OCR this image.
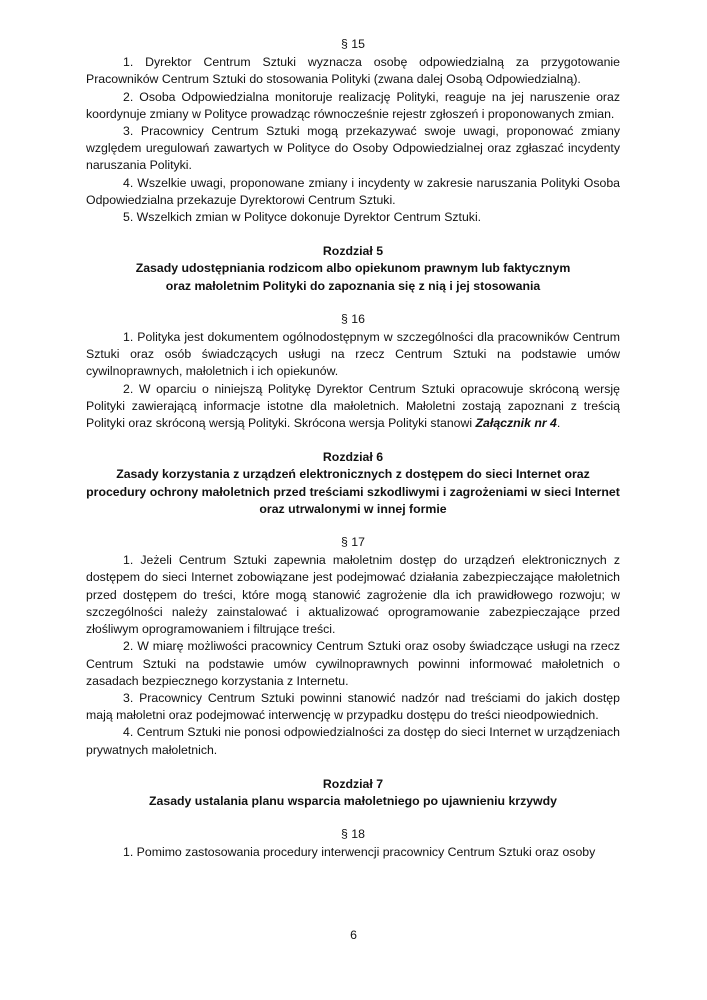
§ 15

1. Dyrektor Centrum Sztuki wyznacza osobę odpowiedzialną za przygotowanie Pracowników Centrum Sztuki do stosowania Polityki (zwana dalej Osobą Odpowiedzialną).

2. Osoba Odpowiedzialna monitoruje realizację Polityki, reaguje na jej naruszenie oraz koordynuje zmiany w Polityce prowadząc równocześnie rejestr zgłoszeń i proponowanych zmian.

3. Pracownicy Centrum Sztuki mogą przekazywać swoje uwagi, proponować zmiany względem uregulowań zawartych w Polityce do Osoby Odpowiedzialnej oraz zgłaszać incydenty naruszania Polityki.

4. Wszelkie uwagi, proponowane zmiany i incydenty w zakresie naruszania Polityki Osoba Odpowiedzialna przekazuje Dyrektorowi Centrum Sztuki.

5. Wszelkich zmian w Polityce dokonuje Dyrektor Centrum Sztuki.

Rozdział 5

Zasady udostępniania rodzicom albo opiekunom prawnym lub faktycznym

oraz małoletnim Polityki do zapoznania się z nią i jej stosowania

§ 16

1. Polityka jest dokumentem ogólnodostępnym w szczególności dla pracowników Centrum Sztuki oraz osób świadczących usługi na rzecz Centrum Sztuki na podstawie umów cywilnoprawnych, małoletnich i ich opiekunów.

2. W oparciu o niniejszą Politykę Dyrektor Centrum Sztuki opracowuje skróconą wersję Polityki zawierającą informacje istotne dla małoletnich. Małoletni zostają zapoznani z treścią Polityki oraz skróconą wersją Polityki. Skrócona wersja Polityki stanowi Załącznik nr 4.

Rozdział 6

Zasady korzystania z urządzeń elektronicznych z dostępem do sieci Internet oraz procedury ochrony małoletnich przed treściami szkodliwymi i zagrożeniami w sieci Internet oraz utrwalonymi w innej formie

§ 17

1. Jeżeli Centrum Sztuki zapewnia małoletnim dostęp do urządzeń elektronicznych z dostępem do sieci Internet zobowiązane jest podejmować działania zabezpieczające małoletnich przed dostępem do treści, które mogą stanowić zagrożenie dla ich prawidłowego rozwoju; w szczególności należy zainstalować i aktualizować oprogramowanie zabezpieczające przed złośliwym oprogramowaniem i filtrujące treści.

2. W miarę możliwości pracownicy Centrum Sztuki oraz osoby świadczące usługi na rzecz Centrum Sztuki na podstawie umów cywilnoprawnych powinni informować małoletnich o zasadach bezpiecznego korzystania z Internetu.

3. Pracownicy Centrum Sztuki powinni stanowić nadzór nad treściami do jakich dostęp mają małoletni oraz podejmować interwencję w przypadku dostępu do treści nieodpowiednich.

4. Centrum Sztuki nie ponosi odpowiedzialności za dostęp do sieci Internet w urządzeniach prywatnych małoletnich.

Rozdział 7

Zasady ustalania planu wsparcia małoletniego po ujawnieniu krzywdy

§ 18

1. Pomimo zastosowania procedury interwencji pracownicy Centrum Sztuki oraz osoby

6
